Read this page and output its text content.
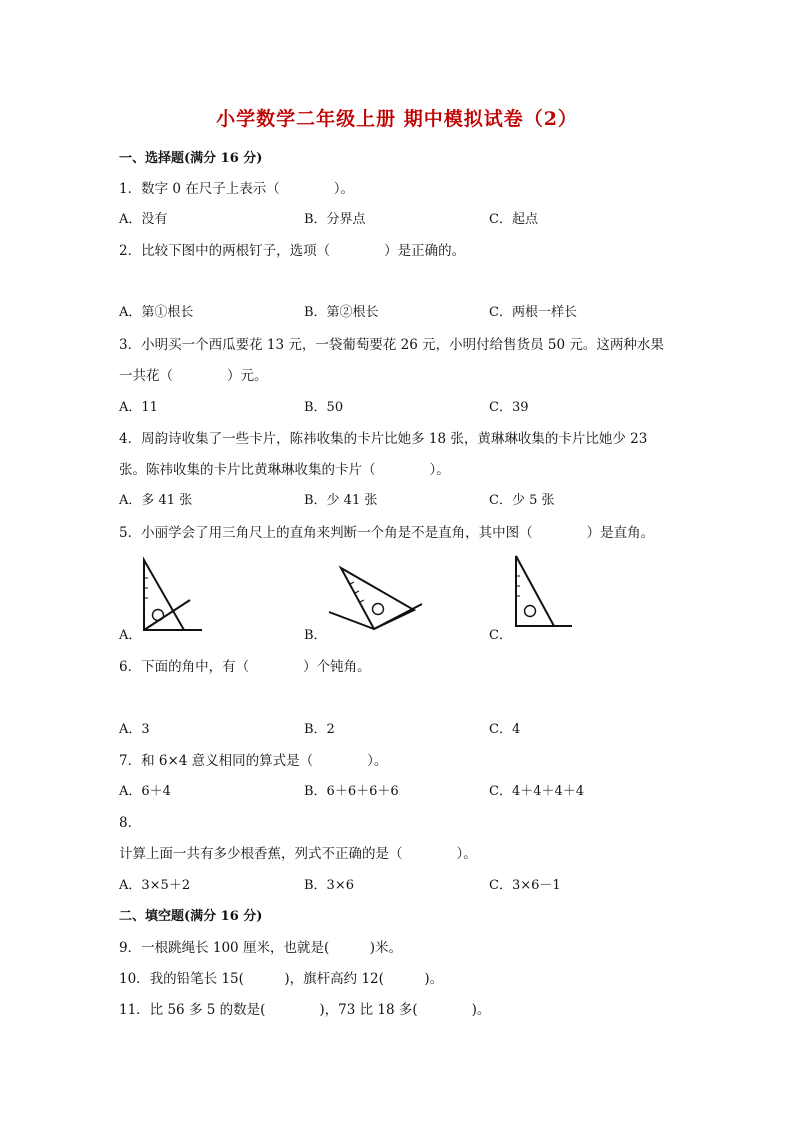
小学数学二年级上册 期中模拟试卷（2）
一、选择题(满分 16 分)
1．数字 0 在尺子上表示（　　　　）。
A．没有	B．分界点	C．起点
2．比较下图中的两根钉子，选项（　　　　）是正确的。
A．第①根长	B．第②根长	C．两根一样长
3．小明买一个西瓜要花 13 元，一袋葡萄要花 26 元，小明付给售货员 50 元。这两种水果
一共花（　　　　）元。
A．11	B．50	C．39
4．周韵诗收集了一些卡片，陈祎收集的卡片比她多 18 张，黄琳琳收集的卡片比她少 23
张。陈祎收集的卡片比黄琳琳收集的卡片（　　　　）。
A．多 41 张	B．少 41 张	C．少 5 张
5．小丽学会了用三角尺上的直角来判断一个角是不是直角，其中图（　　　　）是直角。
A．	B．	C．
6．下面的角中，有（　　　　）个钝角。
A．3	B．2	C．4
7．和 6×4 意义相同的算式是（　　　　）。
A．6＋4	B．6＋6＋6＋6	C．4＋4＋4＋4
8．
计算上面一共有多少根香蕉，列式不正确的是（　　　　）。
A．3×5＋2	B．3×6	C．3×6－1
二、填空题(满分 16 分)
9．一根跳绳长 100 厘米，也就是(　　　)米。
10．我的铅笔长 15(　　　)，旗杆高约 12(　　　)。
11．比 56 多 5 的数是(　　　　)，73 比 18 多(　　　　)。
